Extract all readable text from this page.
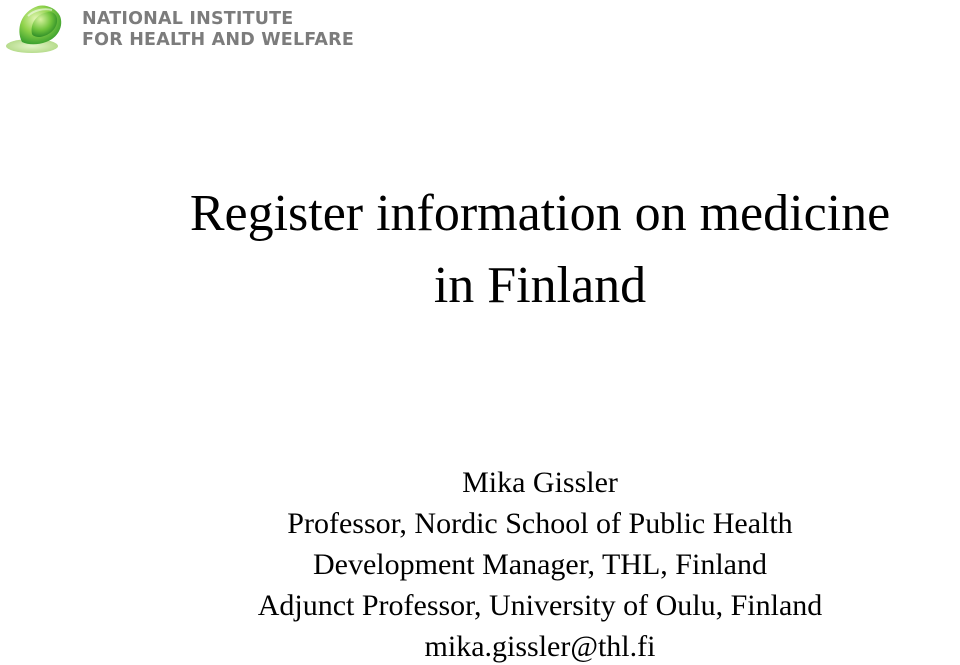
NATIONAL INSTITUTE
FOR HEALTH AND WELFARE
Register information on medicine
in Finland
Mika Gissler
Professor, Nordic School of Public Health
Development Manager, THL, Finland
Adjunct Professor, University of Oulu, Finland
mika.gissler@thl.fi
